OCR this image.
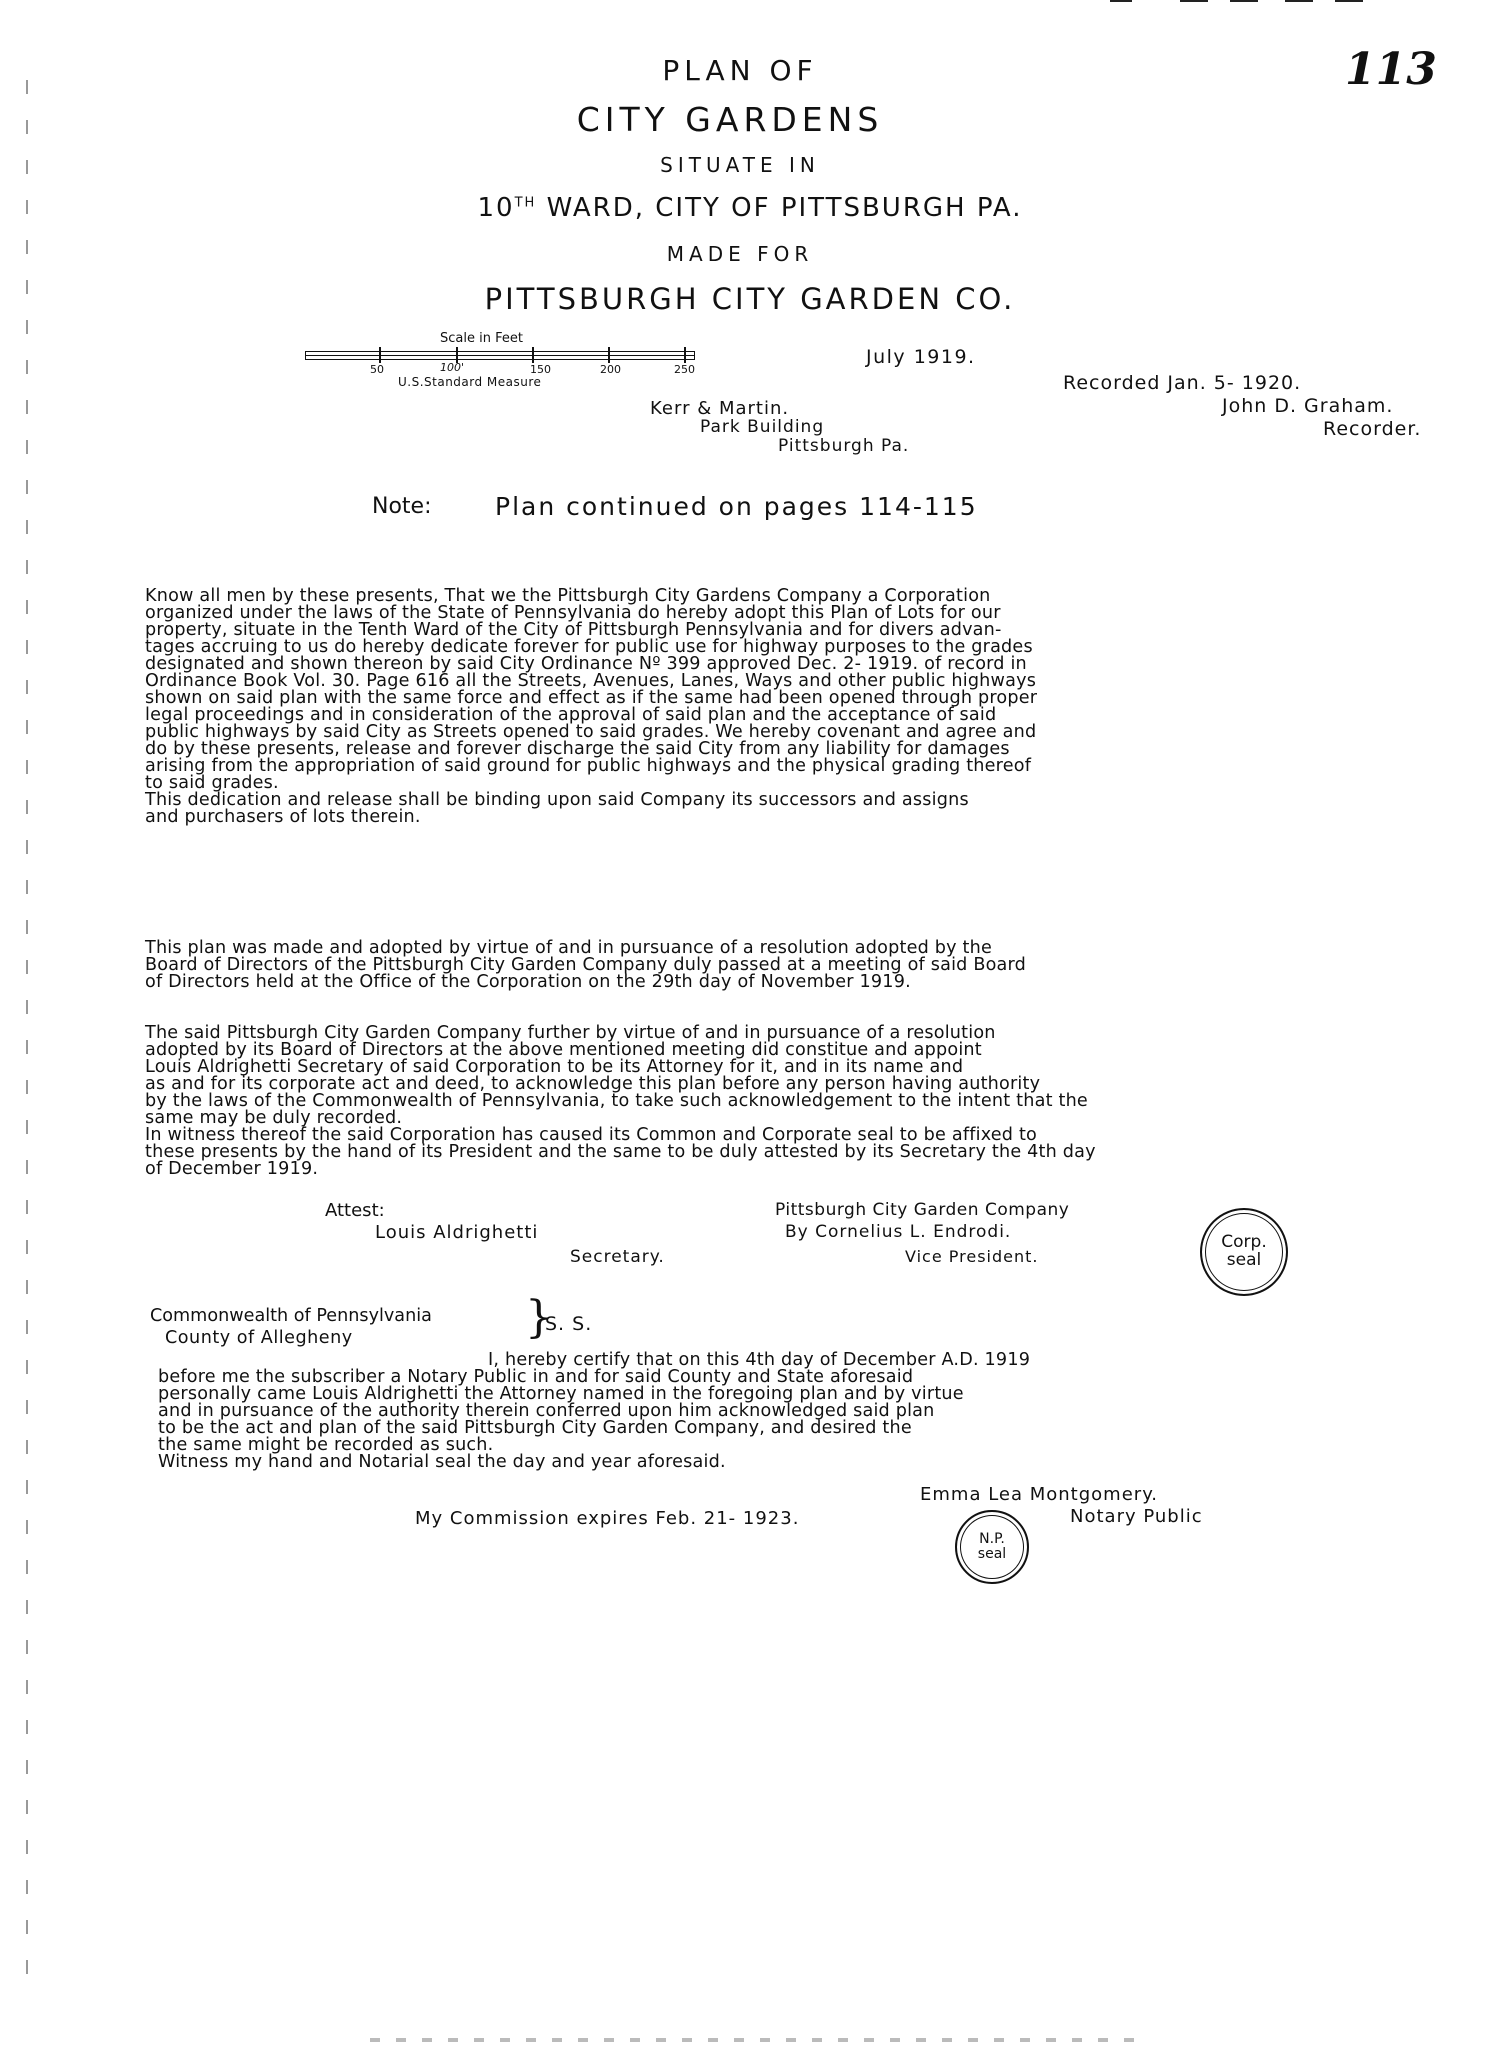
113
PLAN OF
CITY GARDENS
SITUATE IN
10TH WARD, CITY OF PITTSBURGH PA.
MADE FOR
PITTSBURGH CITY GARDEN CO.
Scale in Feet
50	100'	150	200	250
U.S.Standard Measure
July 1919.
Recorded Jan. 5- 1920.
John D. Graham.
Recorder.
Kerr & Martin.
Park Building
Pittsburgh Pa.
Note:	Plan continued on pages 114-115

Know all men by these presents, That we the Pittsburgh City Gardens Company a Corporation

organized under the laws of the State of Pennsylvania do hereby adopt this Plan of Lots for our

property, situate in the Tenth Ward of the City of Pittsburgh Pennsylvania and for divers advan-

tages accruing to us do hereby dedicate forever for public use for highway purposes to the grades

designated and shown thereon by said City Ordinance Nº 399 approved Dec. 2- 1919. of record in

Ordinance Book Vol. 30. Page 616 all the Streets, Avenues, Lanes, Ways and other public highways

shown on said plan with the same force and effect as if the same had been opened through proper

legal proceedings and in consideration of the approval of said plan and the acceptance of said

public highways by said City as Streets opened to said grades. We hereby covenant and agree and

do by these presents, release and forever discharge the said City from any liability for damages

arising from the appropriation of said ground for public highways and the physical grading thereof

to said grades.

This dedication and release shall be binding upon said Company its successors and assigns

and purchasers of lots therein.

This plan was made and adopted by virtue of and in pursuance of a resolution adopted by the

Board of Directors of the Pittsburgh City Garden Company duly passed at a meeting of said Board

of Directors held at the Office of the Corporation on the 29th day of November 1919.

The said Pittsburgh City Garden Company further by virtue of and in pursuance of a resolution

adopted by its Board of Directors at the above mentioned meeting did constitue and appoint

Louis Aldrighetti Secretary of said Corporation to be its Attorney for it, and in its name and

as and for its corporate act and deed, to acknowledge this plan before any person having authority

by the laws of the Commonwealth of Pennsylvania, to take such acknowledgement to the intent that the

same may be duly recorded.

In witness thereof the said Corporation has caused its Common and Corporate seal to be affixed to

these presents by the hand of its President and the same to be duly attested by its Secretary the 4th day

of December 1919.

Attest:
Louis Aldrighetti
Secretary.
Pittsburgh City Garden Company
By Cornelius L. Endrodi.
Vice President.
Corp.
seal
Commonwealth of Pennsylvania
County of Allegheny	}
S. S.

I, hereby certify that on this 4th day of December A.D. 1919

before me the subscriber a Notary Public in and for said County and State aforesaid

personally came Louis Aldrighetti the Attorney named in the foregoing plan and by virtue

and in pursuance of the authority therein conferred upon him acknowledged said plan

to be the act and plan of the said Pittsburgh City Garden Company, and desired the

the same might be recorded as such.

Witness my hand and Notarial seal the day and year aforesaid.

Emma Lea Montgomery.
My Commission expires Feb. 21- 1923.	Notary Public
N.P.
seal
